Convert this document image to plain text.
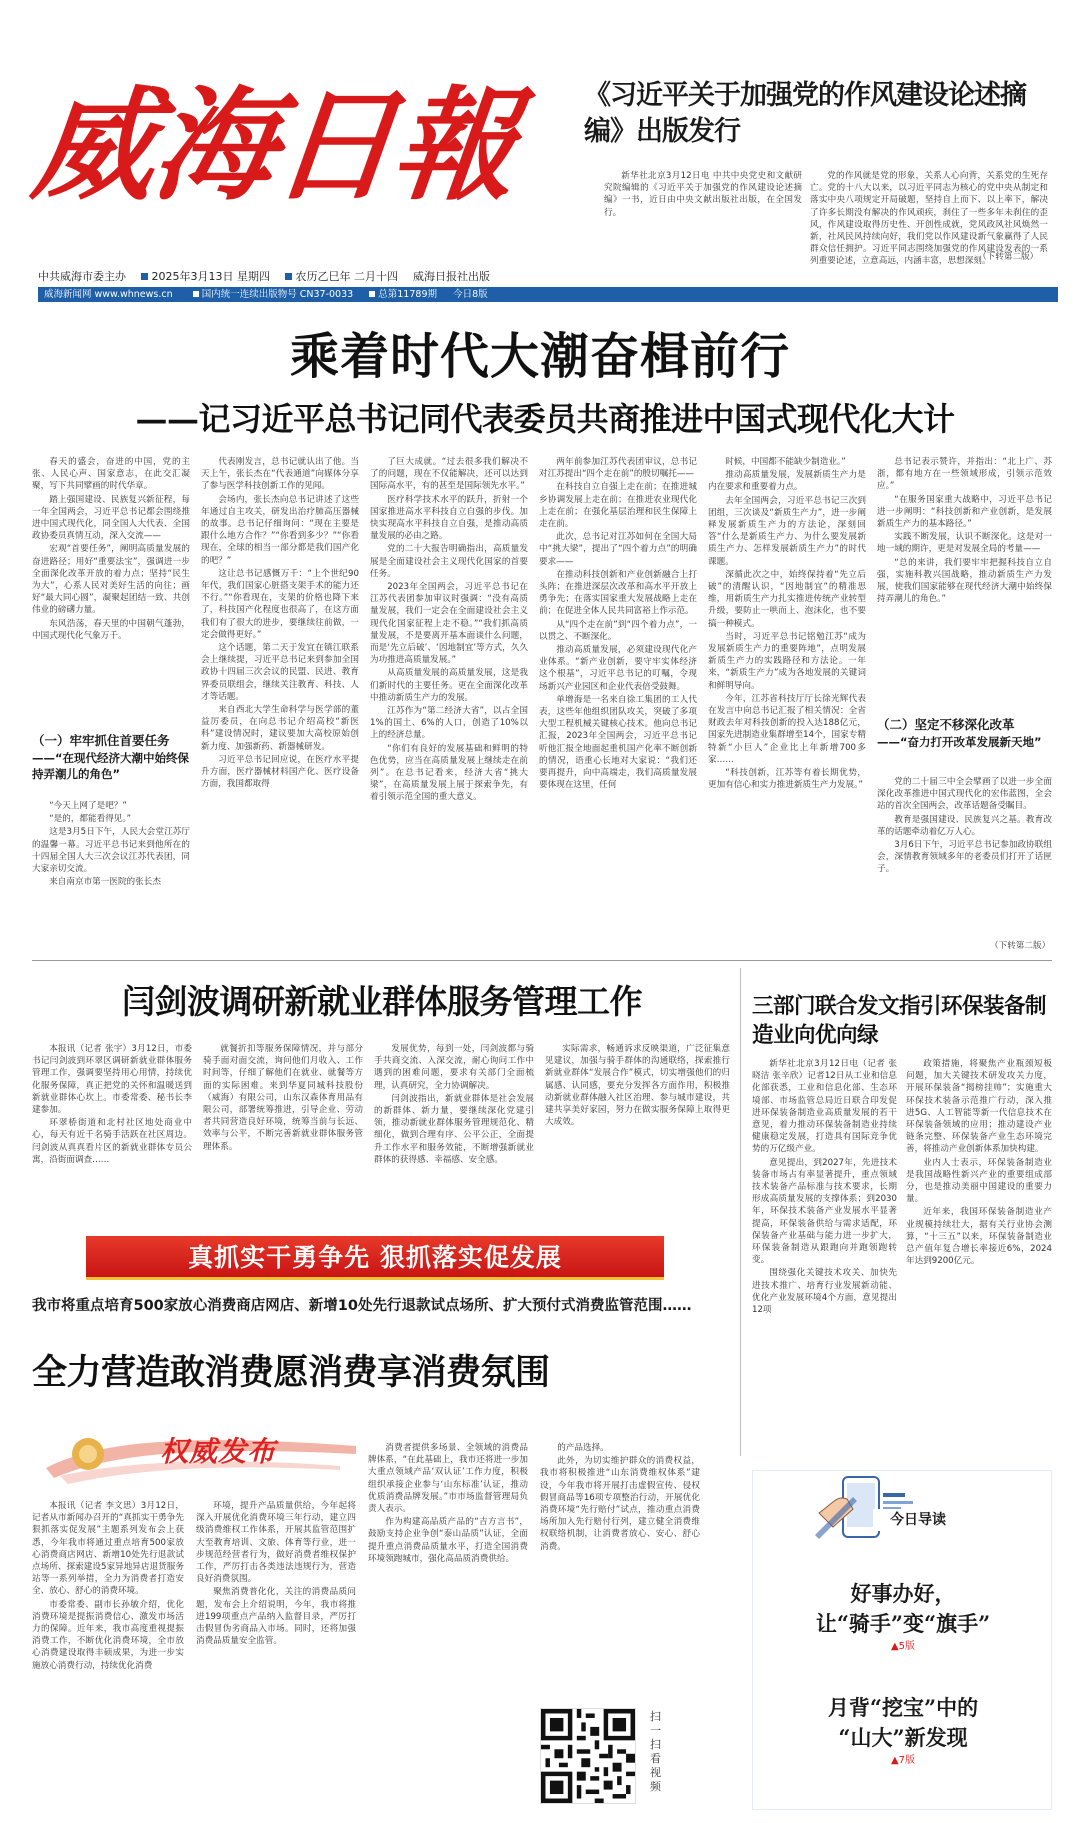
威海日報
中共威海市委主办 2025年3月13日 星期四 农历乙巳年 二月十四 威海日报社出版
威海新闻网 www.whnews.cn	国内统一连续出版物号 CN37-0033	总第11789期 今日8版
《习近平关于加强党的作风建设论述摘编》出版发行

新华社北京3月12日电 中共中央党史和文献研究院编辑的《习近平关于加强党的作风建设论述摘编》一书，近日由中央文献出版社出版，在全国发行。

党的作风就是党的形象，关系人心向背，关系党的生死存亡。党的十八大以来，以习近平同志为核心的党中央从制定和落实中央八项规定开局破题，坚持自上而下、以上率下，解决了许多长期没有解决的作风顽疾，刹住了一些多年未刹住的歪风，作风建设取得历史性、开创性成就，党风政风社风焕然一新，社风民风持续向好，我们党以作风建设新气象赢得了人民群众信任拥护。习近平同志围绕加强党的作风建设发表的一系列重要论述，立意高远，内涵丰富，思想深刻。

（下转第二版）
乘着时代大潮奋楫前行
——记习近平总书记同代表委员共商推进中国式现代化大计

春天的盛会，奋进的中国，党的主张、人民心声、国家意志，在此交汇凝聚，写下共同擘画的时代华章。

踏上强国建设、民族复兴新征程，每一年全国两会，习近平总书记都会围绕推进中国式现代化，同全国人大代表、全国政协委员真情互动，深入交流——

宏观“首要任务”，阐明高质量发展的奋进路径；用好“重要法宝”，强调进一步全面深化改革开放的着力点；坚持“民生为大”，心系人民对美好生活的向往；画好“最大同心圆”，凝聚起团结一致、共创伟业的磅礴力量。

东风浩荡，春天里的中国朝气蓬勃，中国式现代化气象万千。

（一）牢牢抓住首要任务
——“在现代经济大潮中始终保持弄潮儿的角色”

“今天上网了是吧？”

“是的，都能看得见。”

这是3月5日下午，人民大会堂江苏厅的温馨一幕。习近平总书记来到他所在的十四届全国人大三次会议江苏代表团，同大家亲切交流。

来自南京市第一医院的张长杰

代表刚发言，总书记就认出了他。当天上午，张长杰在“代表通道”向媒体分享了参与医学科技创新工作的见闻。

会场内，张长杰向总书记讲述了这些年通过自主攻关，研发出治疗肺高压器械的故事。总书记仔细询问：“现在主要是跟什么地方合作？”“你看到多少？”“你看现在，全球的相当一部分都是我们国产化的吧？”

这让总书记感慨万千：“上个世纪90年代，我们国家心脏搭支架手术的能力还不行。”“你看现在，支架的价格也降下来了，科技国产化程度也很高了，在这方面我们有了很大的进步，要继续往前做，一定会做得更好。”

这个话题，第二天于发宜在镇江联系会上继续提，习近平总书记来到参加全国政协十四届三次会议的民盟、民进、教育界委员联组会，继续关注教育、科技、人才等话题。

来自西北大学生命科学与医学部的董益厉委员，在向总书记介绍高校“新医科”建设情况时，建议要加大高校原始创新力度、加强新药、新器械研发。

习近平总书记回应说，在医疗水平提升方面，医疗器械材料国产化、医疗设备方面，我国都取得

了巨大成就。“过去很多我们解决不了的问题，现在不仅能解决，还可以达到国际高水平，有的甚至是国际领先水平。”

医疗科学技术水平的跃升，折射一个国家推进高水平科技自立自强的步伐。加快实现高水平科技自立自强，是推动高质量发展的必由之路。

党的二十大报告明确指出，高质量发展是全面建设社会主义现代化国家的首要任务。

2023年全国两会，习近平总书记在江苏代表团参加审议时强调：“没有高质量发展，我们一定会在全面建设社会主义现代化国家征程上走不稳。”“我们抓高质量发展，不是要离开基本面谈什么问题，而是‘先立后破’、‘因地制宜’等方式，久久为功推进高质量发展。”

从高质量发展的高质量发展，这是我们新时代的主要任务。更在全面深化改革中推动新质生产力的发展。

江苏作为“第二经济大省”，以占全国1%的国土、6%的人口，创造了10%以上的经济总量。

“你们有良好的发展基础和鲜明的特色优势，应当在高质量发展上继续走在前列”。在总书记看来，经济大省“挑大梁”，在高质量发展上展于探索争先，有着引领示范全国的重大意义。

两年前参加江苏代表团审议，总书记对江苏提出“四个走在前”的殷切嘱托——

在科技自立自强上走在前；在推进城乡协调发展上走在前；在推进农业现代化上走在前；在强化基层治理和民生保障上走在前。

此次，总书记对江苏如何在全国大局中“挑大梁”，提出了“四个着力点”的明确要求——

在推动科技创新和产业创新融合上打头阵；在推进深层次改革和高水平开放上勇争先；在落实国家重大发展战略上走在前；在促进全体人民共同富裕上作示范。

从“四个走在前”到“四个着力点”，一以贯之、不断深化。

推动高质量发展，必须建设现代化产业体系。“新产业创新，要守牢实体经济这个根基”，习近平总书记的叮嘱，令现场新兴产业园区和企业代表倍受鼓舞。

单增海是一名来自徐工集团的工人代表，这些年他组织团队攻关，突破了多项大型工程机械关键核心技术。他向总书记汇报，2023年全国两会，习近平总书记听他汇报全地面起重机国产化率不断创新的情况，语重心长地对大家说：“我们还要再提升，向中高端走，我们高质量发展要体现在这里，任何

时候，中国都不能缺少制造业。”

推动高质量发展，发展新质生产力是内在要求和重要着力点。

去年全国两会，习近平总书记三次到团组，三次谈及“新质生产力”，进一步阐释发展新质生产力的方法论，深刻回答“什么是新质生产力、为什么要发展新质生产力、怎样发展新质生产力”的时代课题。

深循此次之中，始终保持着“先立后破”的清醒认识，“因地制宜”的精准思维，用新质生产力扎实推进传统产业转型升级，要防止一哄而上、泡沫化，也不要搞一种模式。

当时，习近平总书记铭勉江苏“成为发展新质生产力的重要阵地”，点明发展新质生产力的实践路径和方法论。一年来，“新质生产力”成为各地发展的关键词和鲜明导向。

今年，江苏省科技厅厅长徐光辉代表在发言中向总书记汇报了相关情况：全省财政去年对科技创新的投入达188亿元，国家先进制造业集群增至14个，国家专精特新“小巨人”企业比上年新增700多家……

“科技创新，江苏等有着长期优势，更加有信心和实力推进新质生产力发展。”

总书记表示赞许，并指出：“北上广、苏浙，都有地方在一些领域形成，引领示范效应。”

“在服务国家重大战略中，习近平总书记进一步阐明：“科技创新和产业创新，是发展新质生产力的基本路径。”

实践不断发展，认识不断深化。这是对一地一域的期许，更是对发展全局的考量——

“总的来讲，我们要牢牢把握科技自立自强，实施科教兴国战略，推动新质生产力发展，使我们国家能够在现代经济大潮中始终保持弄潮儿的角色。”

（二）坚定不移深化改革
——“奋力打开改革发展新天地”

党的二十届三中全会擘画了以进一步全面深化改革推进中国式现代化的宏伟蓝图，全会站的首次全国两会，改革话题备受瞩目。

教育是强国建设、民族复兴之基。教育改革的话题牵动着亿万人心。

3月6日下午，习近平总书记参加政协联组会，深情教育领域多年的老委员们打开了话匣子。

（下转第二版）
闫剑波调研新就业群体服务管理工作

本报讯（记者 张宇）3月12日，市委书记闫剑波到环翠区调研新就业群体服务管理工作，强调要坚持用心用情，持续优化服务保障，真正把党的关怀和温暖送到新就业群体心坎上。市委常委、秘书长李建参加。

环翠桥街道和北村社区地处商业中心，每天有近千名骑手活跃在社区周边。闫剑波从真真看片区的新就业群体专员公寓，沿街面调查……

就餐折扣等服务保障情况，并与部分骑手面对面交流，询问他们月收入、工作时间等，仔细了解他们在就业、就餐等方面的实际困难。来到华夏同城科技股份（威海）有限公司，山东汉森体育用品有限公司，部署统筹推进，引导企业、劳动者共同营造良好环境，统筹当前与长远、效率与公平，不断完善新就业群体服务管理体系。

发展优势，每到一处，闫剑波都与骑手共商交流、入深交流，耐心询问工作中遇到的困难问题，要求有关部门全面梳理，认真研究，全力协调解决。

闫剑波指出，新就业群体是社会发展的新群体、新力量，要继续深化党建引领，推动新就业群体服务管理规范化、精细化，做到合理有序、公平公正，全面提升工作水平和服务效能，不断增强新就业群体的获得感、幸福感、安全感。

实际需求，畅通诉求反映渠道，广泛征集意见建议，加强与骑手群体的沟通联络，探索推行新就业群体“发展合作”模式，切实增强他们的归属感、认同感，要充分发挥各方面作用，积极推动新就业群体融入社区治理、参与城市建设，共建共享美好家园，努力在做实服务保障上取得更大成效。

三部门联合发文指引环保装备制造业向优向绿

新华社北京3月12日电（记者 张晓洁 张辛欣）记者12日从工业和信息化部获悉，工业和信息化部、生态环境部、市场监管总局近日联合印发促进环保装备制造业高质量发展的若干意见，着力推动环保装备制造业持续健康稳定发展，打造具有国际竞争优势的万亿级产业。

意见提出，到2027年，先进技术装备市场占有率显著提升，重点领域技术装备产品标准与技术要求，长期形成高质量发展的支撑体系；到2030年，环保技术装备产业发展水平显著提高，环保装备供给与需求适配，环保装备产业基础与能力进一步扩大，环保装备制造从跟跑向并跑领跑转变。

围绕强化关键技术攻关、加快先进技术推广、培育行业发展新动能、优化产业发展环境4个方面，意见提出12项

政策措施，将聚焦产业瓶颈短板问题，加大关键技术研发攻关力度，开展环保装备“揭榜挂帅”；实施重大环保技术装备示范推广行动，深入推进5G、人工智能等新一代信息技术在环保装备领域的应用；推动建设产业链条完整、环保装备产业生态环境完善，将推动产业创新体系加快构建。

业内人士表示，环保装备制造业是我国战略性新兴产业的重要组成部分，也是推动美丽中国建设的重要力量。

近年来，我国环保装备制造业产业规模持续壮大，据有关行业协会测算，“十三五”以来，环保装备制造业总产值年复合增长率接近6%，2024年达到9200亿元。

真抓实干勇争先 狠抓落实促发展
我市将重点培育500家放心消费商店网店、新增10处先行退款试点场所、扩大预付式消费监管范围……
全力营造敢消费愿消费享消费氛围
权威发布

本报讯（记者 李文思）3月12日，记者从市新闻办召开的“真抓实干勇争先 狠抓落实促发展”主题系列发布会上获悉，今年我市将通过重点培育500家放心消费商店网店、新增10处先行退款试点场所、探索建设5家异地异店退货服务站等一系列举措，全力为消费者打造安全、放心、舒心的消费环境。

市委常委、副市长孙敏介绍，优化消费环境是提振消费信心、激发市场活力的保障。近年来，我市高度重视提振消费工作，不断优化消费环境，全市放心消费建设取得丰硕成果，为进一步实施放心消费行动，持续优化消费

环境，提升产品质量供给，今年起将深入开展优化消费环境三年行动，建立四级消费维权工作体系，开展其监管范围扩大至教育培训、文旅、体育等行业，进一步规范经营者行为，做好消费者维权保护工作，严厉打击各类违法违规行为，营造良好消费氛围。

聚焦消费普化化，关注的消费品质问题，发布会上介绍说明，今年，我市将推进199项重点产品纳入监督目录，严厉打击假冒伪劣商品入市场。同时，还将加强消费品质量安全监管。

消费者提供多场景、全领域的消费品牌体系，“在此基础上，我市还将进一步加大重点领域产品‘双认证’工作力度，积极组织承接企业参与‘山东标准’认证，推动优质消费品牌发展。”市市场监督管理局负责人表示。

作为构建高品质产品的“吉方言书”，鼓励支持企业争创“泰山品质”认证，全面提升重点消费品质量水平，打造全国消费环境领跑城市，强化高品质消费供给。

的产品选择。

此外，为切实维护群众的消费权益，我市将积极推进“山东消费维权体系”建设，今年我市将开展打击虚假宣传、侵权假冒商品等16项专项整治行动，开展优化消费环境“先行赔付”试点，推动重点消费场所加入先行赔付行列，建立健全消费维权联络机制，让消费者放心、安心、舒心消费。

扫一扫 看视频
今日导读
好事办好，
让“骑手”变“旗手”
▲5版
月背“挖宝”中的
“山大”新发现
▲7版
